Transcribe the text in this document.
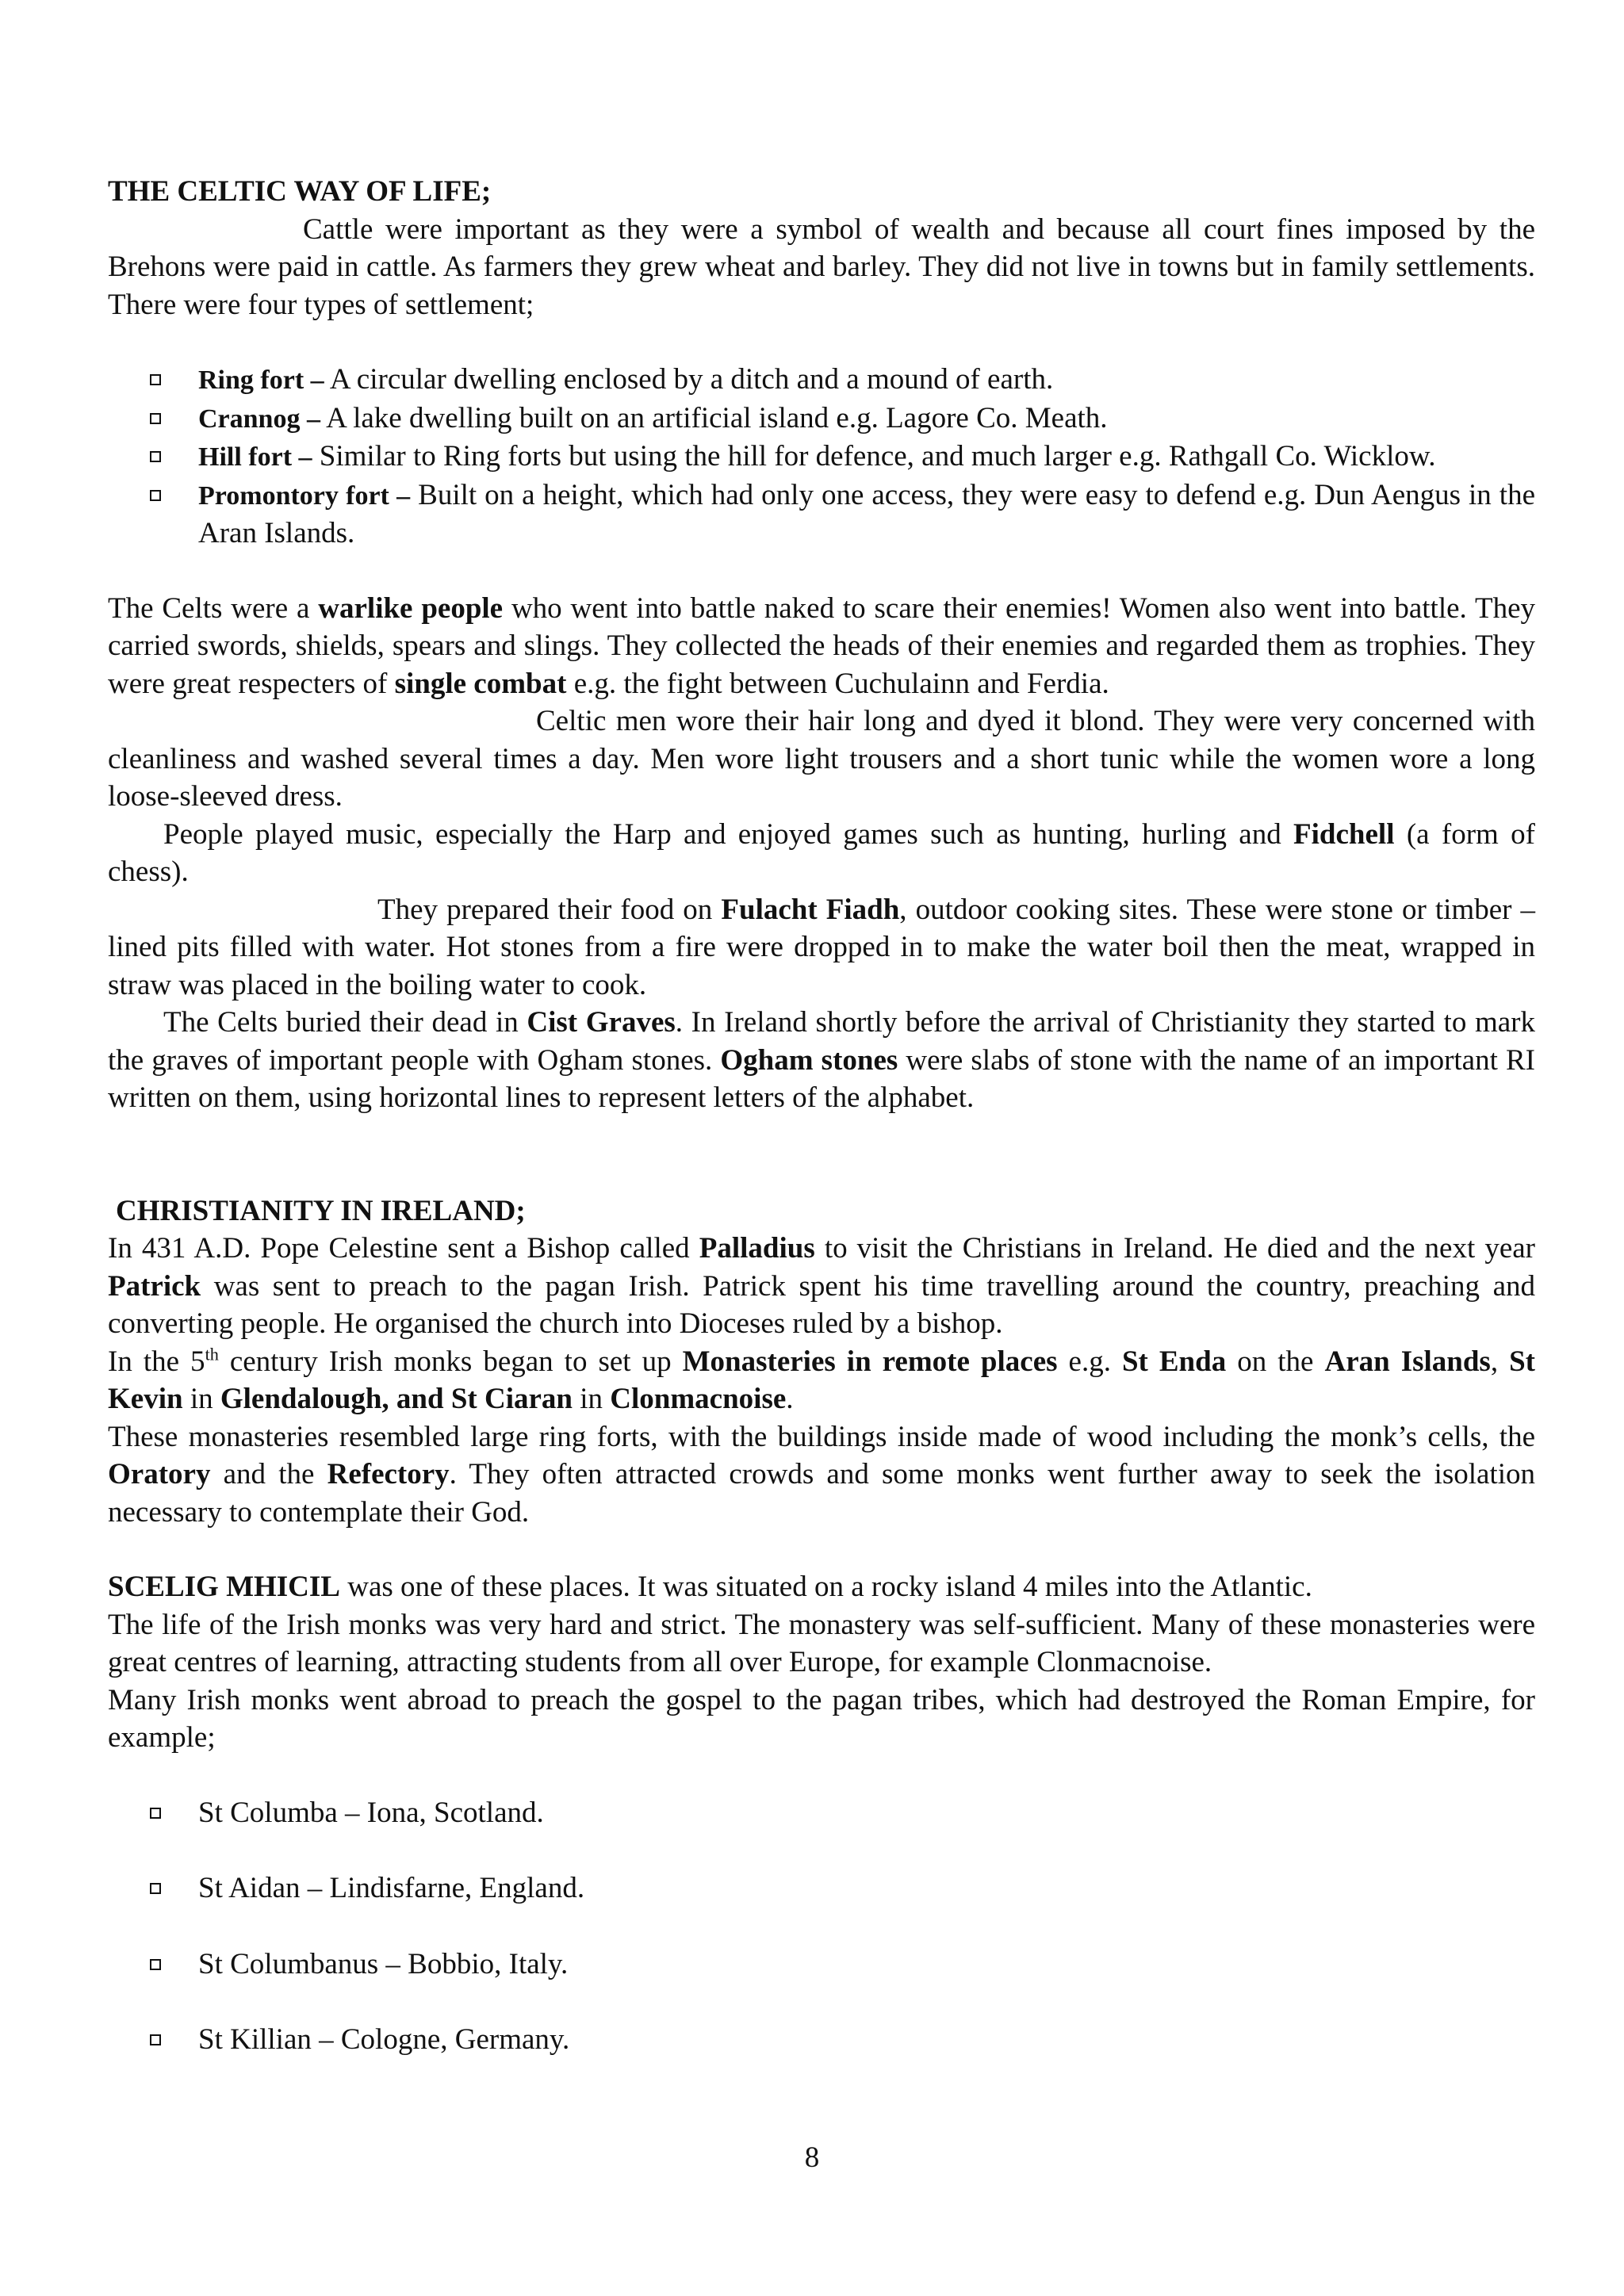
THE CELTIC WAY OF LIFE;

Cattle were important as they were a symbol of wealth and because all court fines imposed by the Brehons were paid in cattle. As farmers they grew wheat and barley. They did not live in towns but in family settlements. There were four types of settlement;

Ring fort – A circular dwelling enclosed by a ditch and a mound of earth.
Crannog – A lake dwelling built on an artificial island e.g. Lagore Co. Meath.
Hill fort – Similar to Ring forts but using the hill for defence, and much larger e.g. Rathgall Co. Wicklow.
Promontory fort – Built on a height, which had only one access, they were easy to defend e.g. Dun Aengus in the Aran Islands.

The Celts were a warlike people who went into battle naked to scare their enemies! Women also went into battle. They carried swords, shields, spears and slings. They collected the heads of their enemies and regarded them as trophies. They were great respecters of single combat e.g. the fight between Cuchulainn and Ferdia.

Celtic men wore their hair long and dyed it blond. They were very concerned with cleanliness and washed several times a day. Men wore light trousers and a short tunic while the women wore a long loose-sleeved dress.

People played music, especially the Harp and enjoyed games such as hunting, hurling and Fidchell (a form of chess).

They prepared their food on Fulacht Fiadh, outdoor cooking sites. These were stone or timber – lined pits filled with water. Hot stones from a fire were dropped in to make the water boil then the meat, wrapped in straw was placed in the boiling water to cook.

The Celts buried their dead in Cist Graves. In Ireland shortly before the arrival of Christianity they started to mark the graves of important people with Ogham stones. Ogham stones were slabs of stone with the name of an important RI written on them, using horizontal lines to represent letters of the alphabet.

CHRISTIANITY IN IRELAND;

In 431 A.D. Pope Celestine sent a Bishop called Palladius to visit the Christians in Ireland. He died and the next year Patrick was sent to preach to the pagan Irish. Patrick spent his time travelling around the country, preaching and converting people. He organised the church into Dioceses ruled by a bishop.

In the 5th century Irish monks began to set up Monasteries in remote places e.g. St Enda on the Aran Islands, St Kevin in Glendalough, and St Ciaran in Clonmacnoise.

These monasteries resembled large ring forts, with the buildings inside made of wood including the monk’s cells, the Oratory and the Refectory. They often attracted crowds and some monks went further away to seek the isolation necessary to contemplate their God.

SCELIG MHICIL was one of these places. It was situated on a rocky island 4 miles into the Atlantic.

The life of the Irish monks was very hard and strict. The monastery was self-sufficient. Many of these monasteries were great centres of learning, attracting students from all over Europe, for example Clonmacnoise.

Many Irish monks went abroad to preach the gospel to the pagan tribes, which had destroyed the Roman Empire, for example;

St Columba – Iona, Scotland.
St Aidan – Lindisfarne, England.
St Columbanus – Bobbio, Italy.
St Killian – Cologne, Germany.
8
